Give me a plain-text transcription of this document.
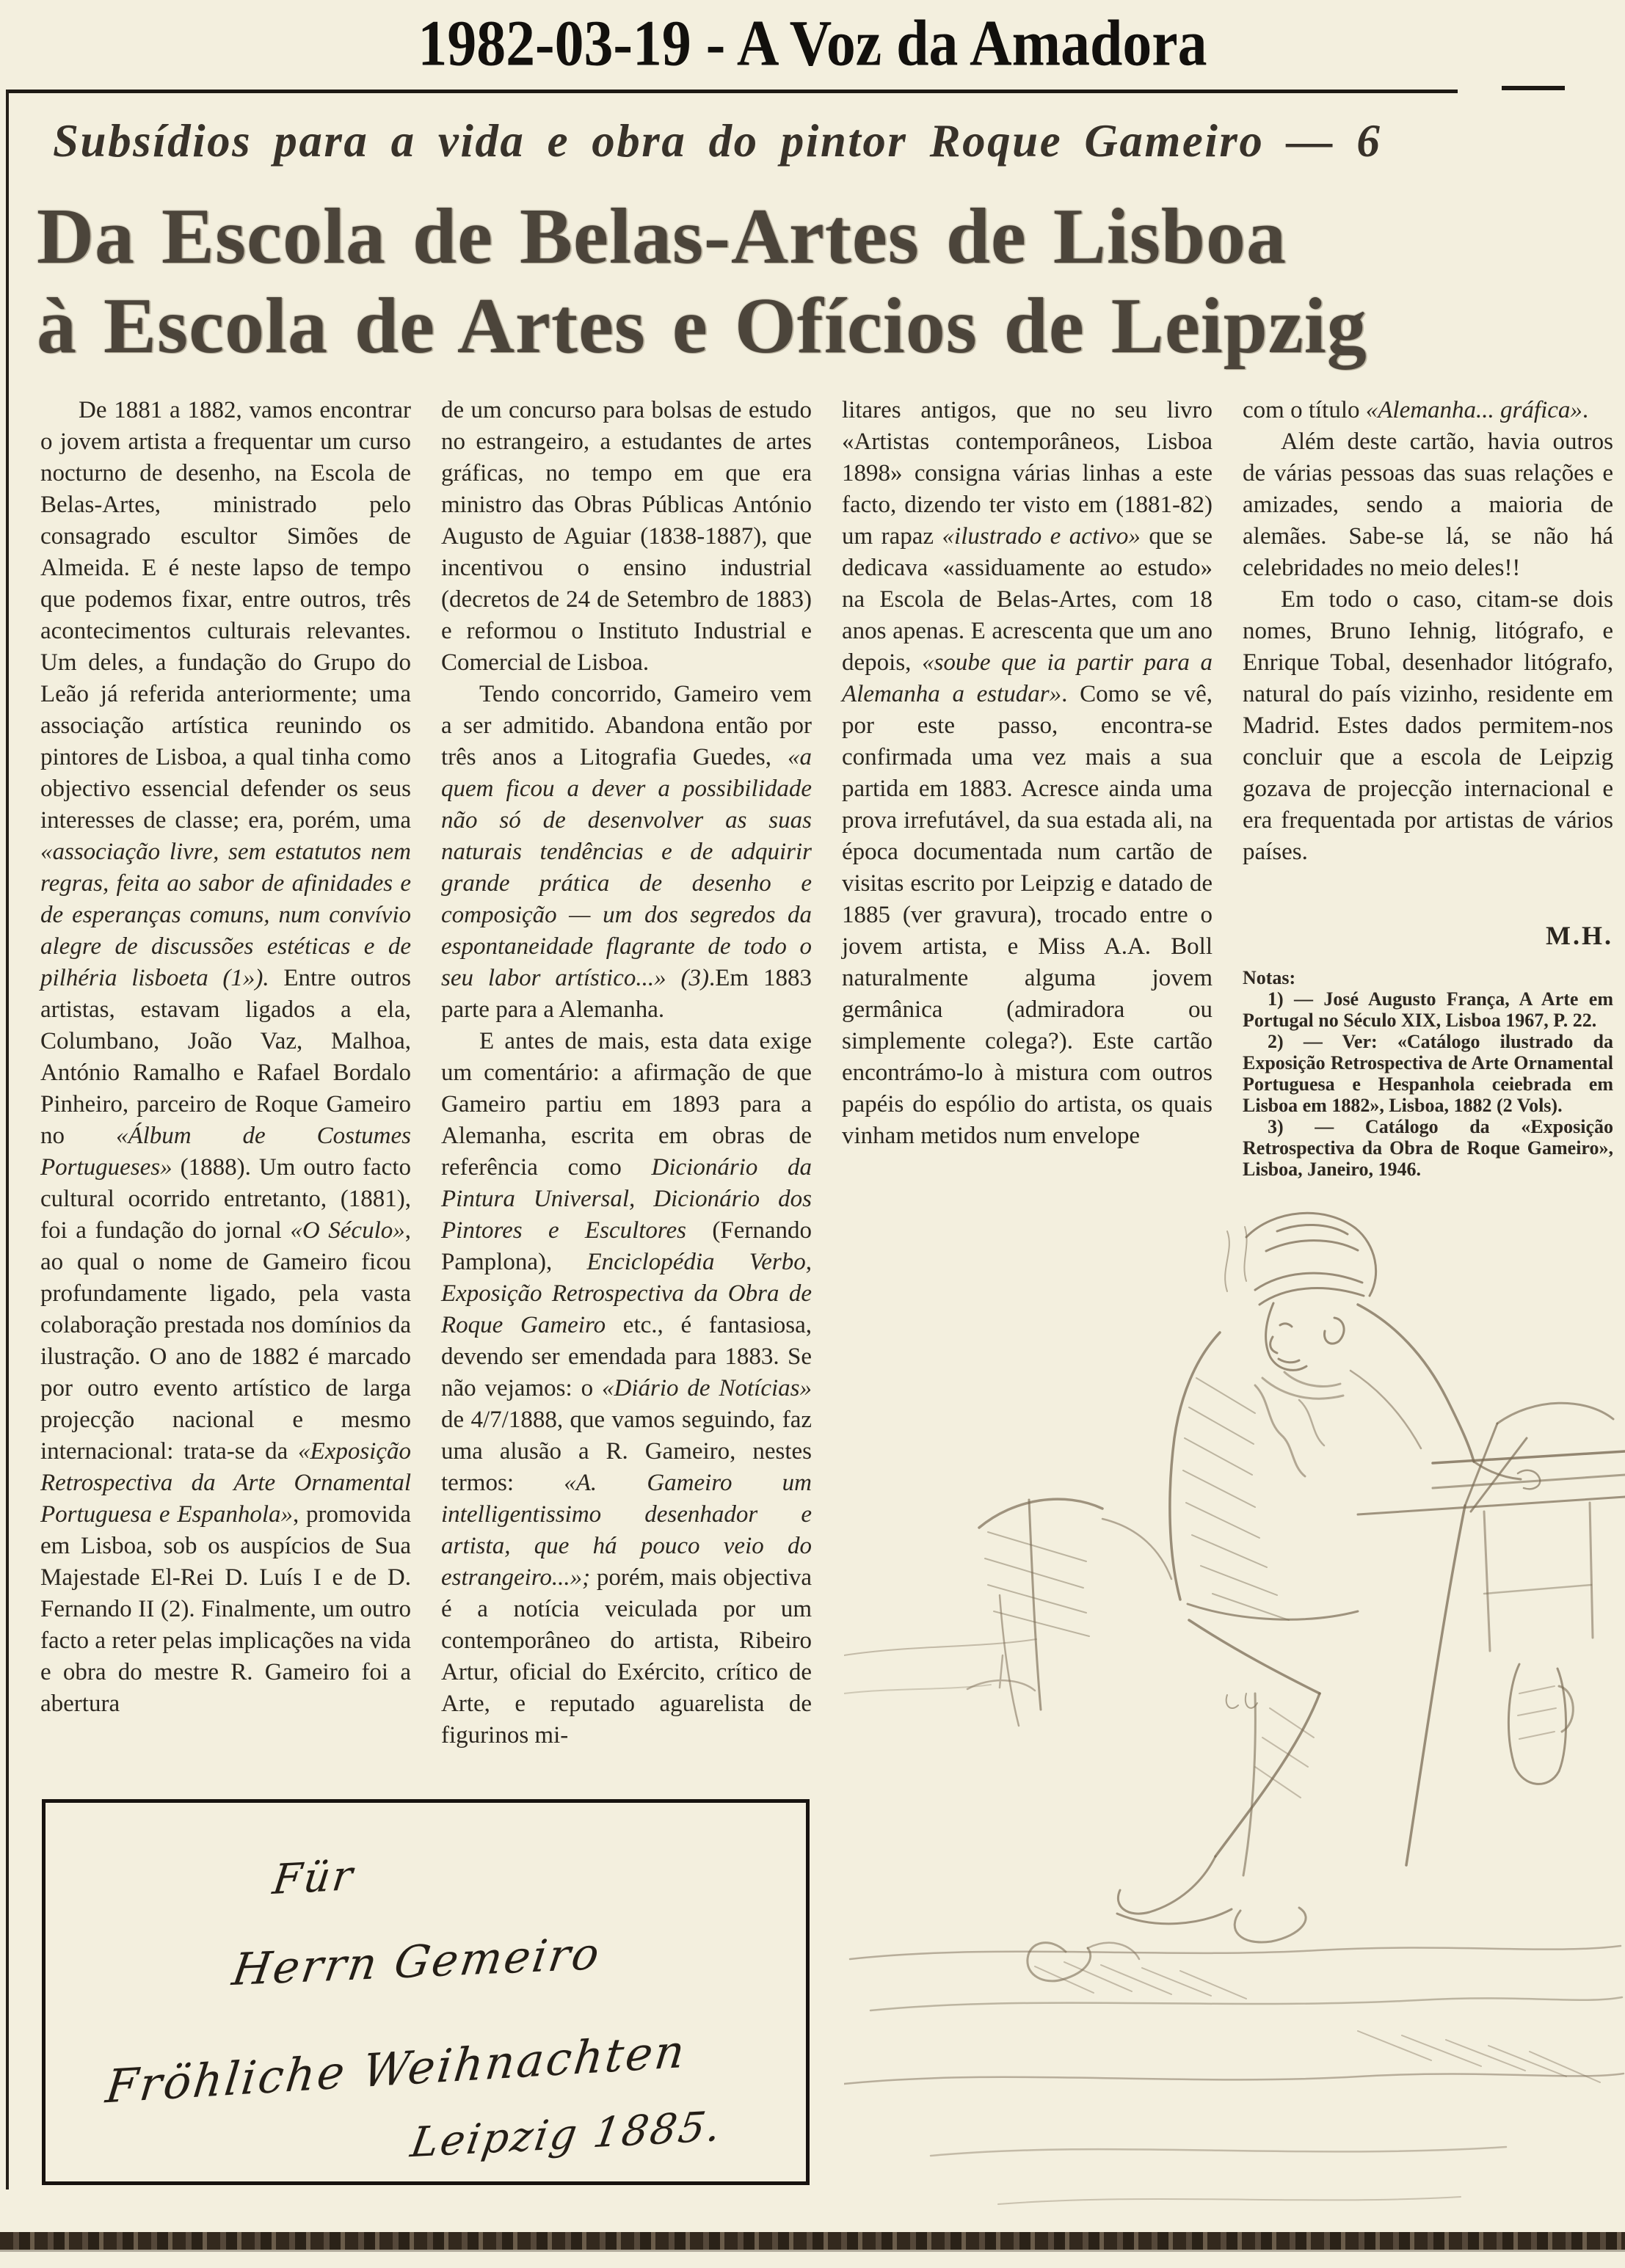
1982-03-19 - A Voz da Amadora
Subsídios para a vida e obra do pintor Roque Gameiro — 6
Da Escola de Belas-Artes de Lisboa
à Escola de Artes e Ofícios de Leipzig

De 1881 a 1882, vamos encontrar o jovem artista a frequentar um curso nocturno de desenho, na Escola de Belas-Artes, ministrado pelo consagrado escultor Simões de Almeida. E é neste lapso de tempo que podemos fixar, entre outros, três acontecimentos culturais relevantes. Um deles, a fundação do Grupo do Leão já referida anteriormente; uma associação artística reunindo os pintores de Lisboa, a qual tinha como objectivo essencial defender os seus interesses de classe; era, porém, uma «associação livre, sem estatutos nem regras, feita ao sabor de afinidades e de esperanças comuns, num convívio alegre de discussões estéticas e de pilhéria lisboeta (1»). Entre outros artistas, estavam ligados a ela, Columbano, João Vaz, Malhoa, António Ramalho e Rafael Bordalo Pinheiro, parceiro de Roque Gameiro no «Álbum de Costumes Portugueses» (1888). Um outro facto cultural ocorrido entretanto, (1881), foi a fundação do jornal «O Século», ao qual o nome de Gameiro ficou profundamente ligado, pela vasta colaboração prestada nos domínios da ilustração. O ano de 1882 é marcado por outro evento artístico de larga projecção nacional e mesmo internacional: trata-se da «Exposição Retrospectiva da Arte Ornamental Portuguesa e Espanhola», promovida em Lisboa, sob os auspícios de Sua Majestade El-Rei D. Luís I e de D. Fernando II (2). Finalmente, um outro facto a reter pelas implicações na vida e obra do mestre R. Gameiro foi a abertura

de um concurso para bolsas de estudo no estrangeiro, a estudantes de artes gráficas, no tempo em que era ministro das Obras Públicas António Augusto de Aguiar (1838-1887), que incentivou o ensino industrial (decretos de 24 de Setembro de 1883) e reformou o Instituto Industrial e Comercial de Lisboa.

Tendo concorrido, Gameiro vem a ser admitido. Abandona então por três anos a Litografia Guedes, «a quem ficou a dever a possibilidade não só de desenvolver as suas naturais tendências e de adquirir grande prática de desenho e composição — um dos segredos da espontaneidade flagrante de todo o seu labor artístico...» (3).Em 1883 parte para a Alemanha.

E antes de mais, esta data exige um comentário: a afirmação de que Gameiro partiu em 1893 para a Alemanha, escrita em obras de referência como Dicionário da Pintura Universal, Dicionário dos Pintores e Escultores (Fernando Pamplona), Enciclopédia Verbo, Exposição Retrospectiva da Obra de Roque Gameiro etc., é fantasiosa, devendo ser emendada para 1883. Se não vejamos: o «Diário de Notícias» de 4/7/1888, que vamos seguindo, faz uma alusão a R. Gameiro, nestes termos: «A. Gameiro um intelligentissimo desenhador e artista, que há pouco veio do estrangeiro...»; porém, mais objectiva é a notícia veiculada por um contemporâneo do artista, Ribeiro Artur, oficial do Exército, crítico de Arte, e reputado aguarelista de figurinos mi-

litares antigos, que no seu livro «Artistas contemporâneos, Lisboa 1898» consigna várias linhas a este facto, dizendo ter visto em (1881-82) um rapaz «ilustrado e activo» que se dedicava «assiduamente ao estudo» na Escola de Belas-Artes, com 18 anos apenas. E acrescenta que um ano depois, «soube que ia partir para a Alemanha a estudar». Como se vê, por este passo, encontra-se confirmada uma vez mais a sua partida em 1883. Acresce ainda uma prova irrefutável, da sua estada ali, na época documentada num cartão de visitas escrito por Leipzig e datado de 1885 (ver gravura), trocado entre o jovem artista, e Miss A.A. Boll naturalmente alguma jovem germânica (admiradora ou simplemente colega?). Este cartão encontrámo-lo à mistura com outros papéis do espólio do artista, os quais vinham metidos num envelope

com o título «Alemanha... gráfica».

Além deste cartão, havia outros de várias pessoas das suas relações e amizades, sendo a maioria de alemães. Sabe-se lá, se não há celebridades no meio deles!!

Em todo o caso, citam-se dois nomes, Bruno Iehnig, litógrafo, e Enrique Tobal, desenhador litógrafo, natural do país vizinho, residente em Madrid. Estes dados permitem-nos concluir que a escola de Leipzig gozava de projecção internacional e era frequentada por artistas de vários países.

M.H.

Notas:

1) — José Augusto França, A Arte em Portugal no Século XIX, Lisboa 1967, P. 22.

2) — Ver: «Catálogo ilustrado da Exposição Retrospectiva de Arte Ornamental Portuguesa e Hespanhola ceiebrada em Lisboa em 1882», Lisboa, 1882 (2 Vols).

3) — Catálogo da «Exposição Retrospectiva da Obra de Roque Gameiro», Lisboa, Janeiro, 1946.

Für
Herrn Gemeiro
Fröhliche Weihnachten
Leipzig 1885.
